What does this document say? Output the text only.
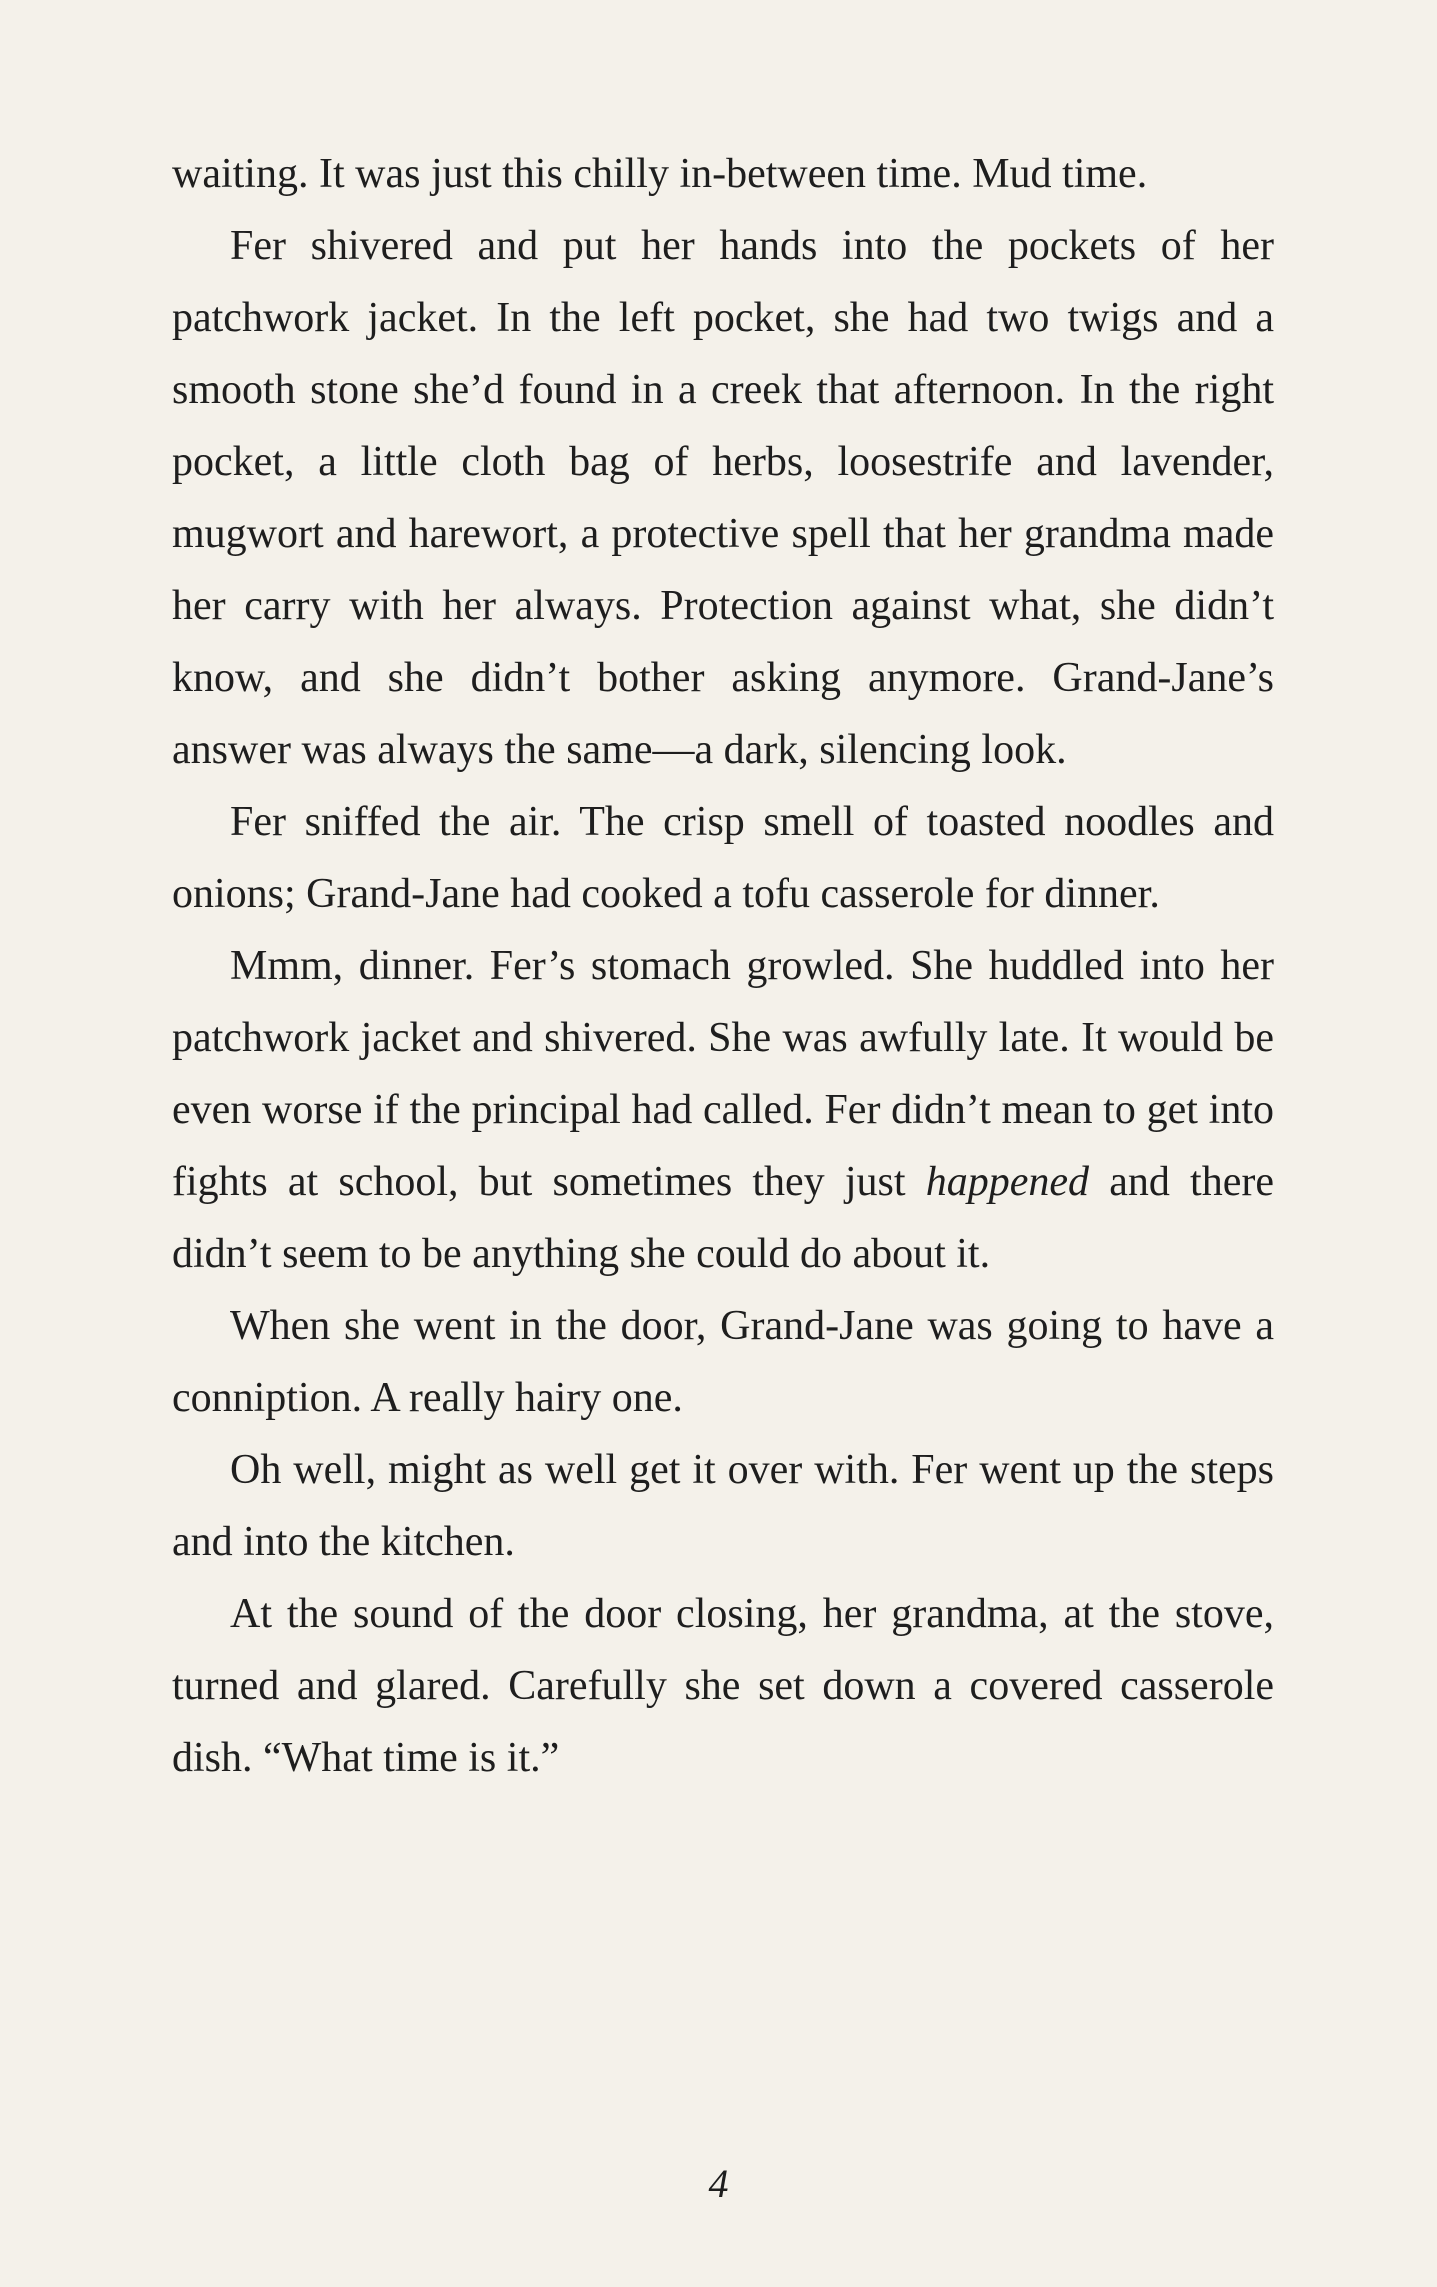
waiting. It was just this chilly in-between time. Mud time.

Fer shivered and put her hands into the pockets of her patchwork jacket. In the left pocket, she had two twigs and a smooth stone she’d found in a creek that afternoon. In the right pocket, a little cloth bag of herbs, loosestrife and lavender, mugwort and harewort, a protective spell that her grandma made her carry with her always. Protection against what, she didn’t know, and she didn’t bother asking anymore. Grand-Jane’s answer was always the same—a dark, silencing look.

Fer sniffed the air. The crisp smell of toasted noodles and onions; Grand-Jane had cooked a tofu casserole for dinner.

Mmm, dinner. Fer’s stomach growled. She huddled into her patchwork jacket and shivered. She was awfully late. It would be even worse if the principal had called. Fer didn’t mean to get into fights at school, but sometimes they just happened and there didn’t seem to be anything she could do about it.

When she went in the door, Grand-Jane was going to have a conniption. A really hairy one.

Oh well, might as well get it over with. Fer went up the steps and into the kitchen.

At the sound of the door closing, her grandma, at the stove, turned and glared. Carefully she set down a covered casserole dish. “What time is it.”

4
